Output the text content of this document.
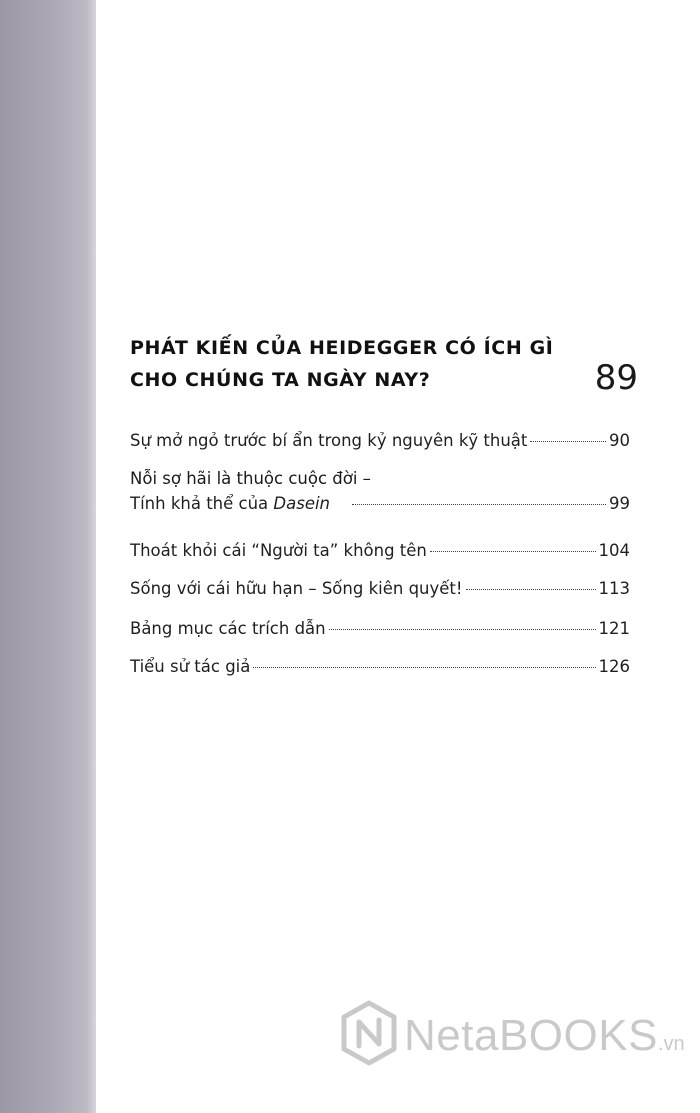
PHÁT KIẾN CỦA HEIDEGGER CÓ ÍCH GÌ
CHO CHÚNG TA NGÀY NAY?	89
Sự mở ngỏ trước bí ẩn trong kỷ nguyên kỹ thuật	90
Nỗi sợ hãi là thuộc cuộc đời –
Tính khả thể của Dasein	99
Thoát khỏi cái “Người ta” không tên	104
Sống với cái hữu hạn – Sống kiên quyết!	113
Bảng mục các trích dẫn	121
Tiểu sử tác giả	126
NetaBOOKS.vn
